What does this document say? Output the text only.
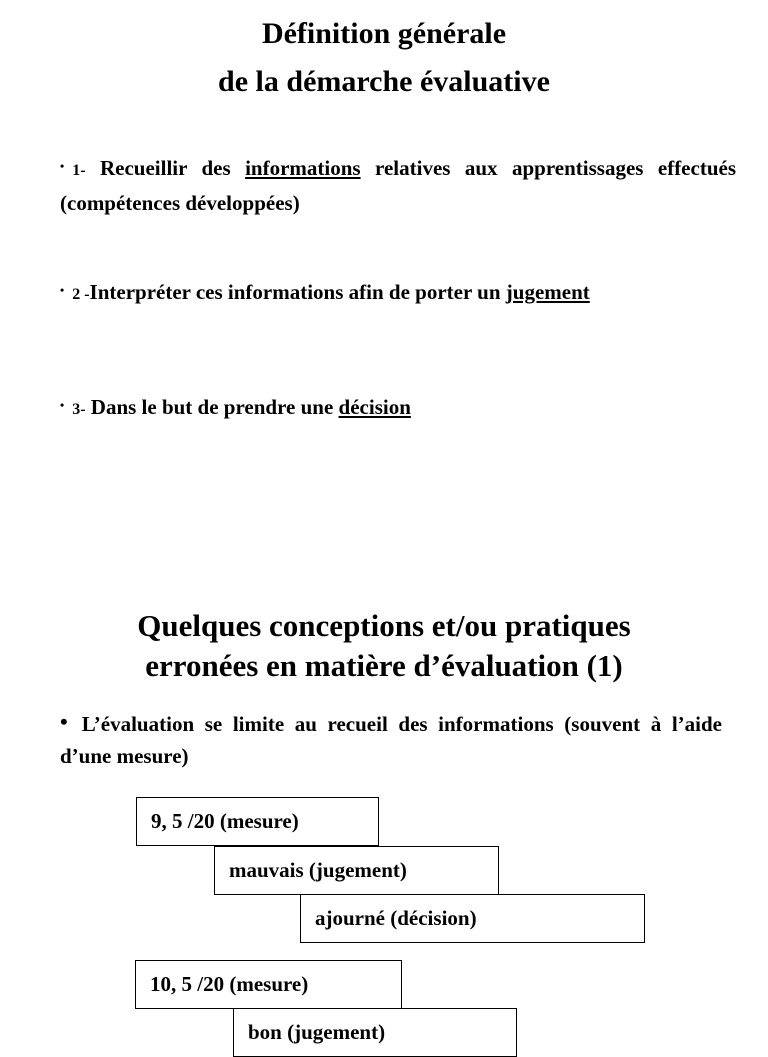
Définition générale
de la démarche évaluative
• 1- Recueillir des informations relatives aux apprentissages effectués (compétences développées)
• 2 -Interpréter ces informations afin de porter un jugement
• 3- Dans le but de prendre une décision
Quelques conceptions et/ou pratiques
erronées en matière d’évaluation (1)
• L’évaluation se limite au recueil des informations (souvent à l’aide d’une mesure)
9, 5 /20 (mesure)
mauvais (jugement)
ajourné (décision)
10, 5 /20 (mesure)
bon (jugement)
